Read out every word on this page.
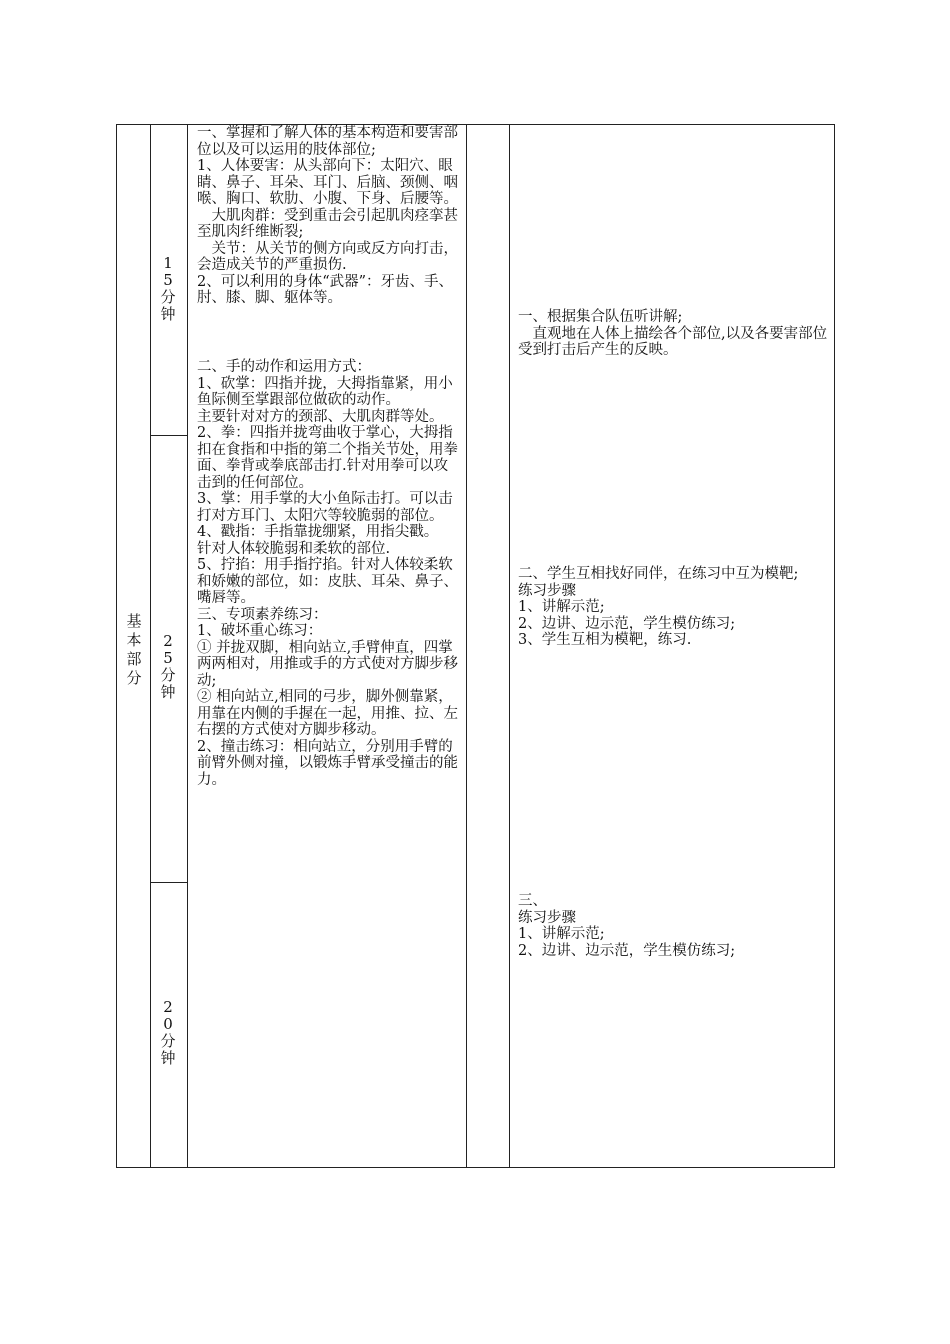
基本部分
15分钟
25分钟
20分钟
一、掌握和了解人体的基本构造和要害部位以及可以运用的肢体部位;
1、人体要害：从头部向下：太阳穴、眼睛、鼻子、耳朵、耳门、后脑、颈侧、咽喉、胸口、软肋、小腹、下身、后腰等。
　大肌肉群：受到重击会引起肌肉痉挛甚至肌肉纤维断裂;
　关节：从关节的侧方向或反方向打击，会造成关节的严重损伤.
2、可以利用的身体“武器”：牙齿、手、肘、膝、脚、躯体等。
二、手的动作和运用方式：
1、砍掌：四指并拢，大拇指靠紧，用小鱼际侧至掌跟部位做砍的动作。
主要针对对方的颈部、大肌肉群等处。
2、拳：四指并拢弯曲收于掌心，大拇指扣在食指和中指的第二个指关节处，用拳面、拳背或拳底部击打.针对用拳可以攻击到的任何部位。
3、掌：用手掌的大小鱼际击打。可以击打对方耳门、太阳穴等较脆弱的部位。
4、戳指：手指靠拢绷紧，用指尖戳。
针对人体较脆弱和柔软的部位.
5、拧掐：用手指拧掐。针对人体较柔软和娇嫩的部位，如：皮肤、耳朵、鼻子、嘴唇等。
三、专项素养练习：
1、破坏重心练习：
① 并拢双脚，相向站立,手臂伸直，四掌两两相对，用推或手的方式使对方脚步移动;
② 相向站立,相同的弓步，脚外侧靠紧，用靠在内侧的手握在一起，用推、拉、左右摆的方式使对方脚步移动。
2、撞击练习：相向站立，分别用手臂的前臂外侧对撞，以锻炼手臂承受撞击的能力。
一、根据集合队伍听讲解;
　直观地在人体上描绘各个部位,以及各要害部位受到打击后产生的反映。
二、学生互相找好同伴，在练习中互为模靶;
练习步骤
1、讲解示范;
2、边讲、边示范，学生模仿练习;
3、学生互相为模靶，练习.
三、
练习步骤
1、讲解示范;
2、边讲、边示范，学生模仿练习;
